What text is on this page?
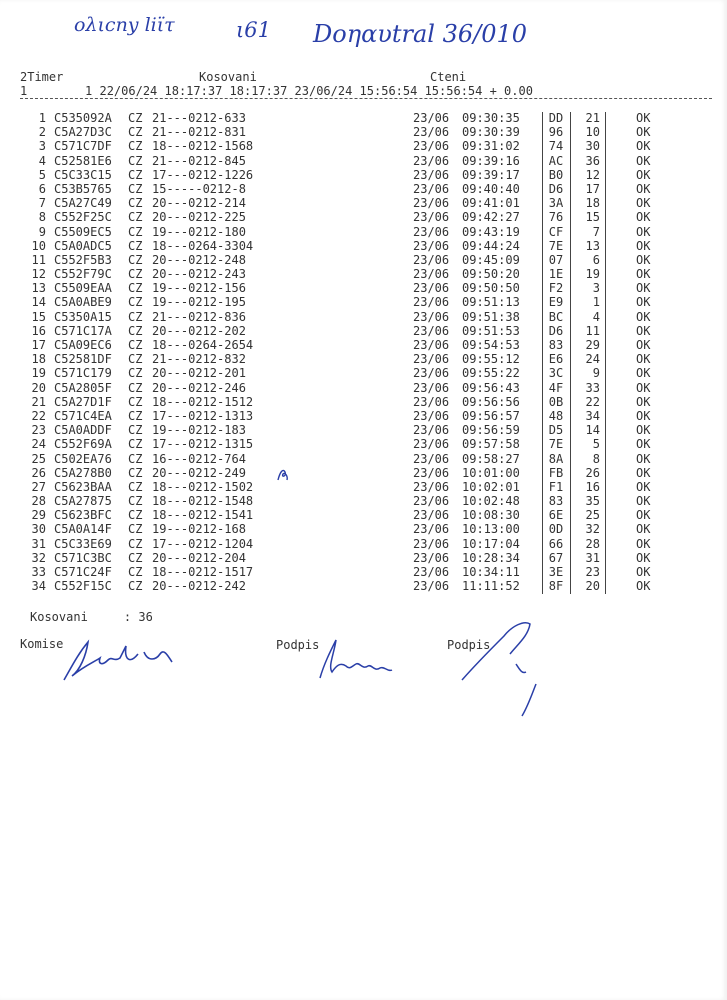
ολιcny liϊτ	ι61 Doηαυtral 36/010
2Timer	Kosovani	Cteni
1        1 22/06/24 18:17:37 18:17:37 23/06/24 15:56:54 15:56:54 + 0.00
1 C535092A CZ 21---0212-633	23/06 09:30:35 DD	21	OK
2 C5A27D3C CZ 21---0212-831	23/06 09:30:39 96	10	OK
3 C571C7DF CZ 18---0212-1568	23/06 09:31:02 74	30	OK
4 C52581E6 CZ 21---0212-845	23/06 09:39:16 AC	36	OK
5 C5C33C15 CZ 17---0212-1226	23/06 09:39:17 B0	12	OK
6 C53B5765 CZ 15-----0212-8	23/06 09:40:40 D6	17	OK
7 C5A27C49 CZ 20---0212-214	23/06 09:41:01 3A	18	OK
8 C552F25C CZ 20---0212-225	23/06 09:42:27 76	15	OK
9 C5509EC5 CZ 19---0212-180	23/06 09:43:19 CF	7	OK
10 C5A0ADC5 CZ 18---0264-3304	23/06 09:44:24 7E	13	OK
11 C552F5B3 CZ 20---0212-248	23/06 09:45:09 07	6	OK
12 C552F79C CZ 20---0212-243	23/06 09:50:20 1E	19	OK
13 C5509EAA CZ 19---0212-156	23/06 09:50:50 F2	3	OK
14 C5A0ABE9 CZ 19---0212-195	23/06 09:51:13 E9	1	OK
15 C5350A15 CZ 21---0212-836	23/06 09:51:38 BC	4	OK
16 C571C17A CZ 20---0212-202	23/06 09:51:53 D6	11	OK
17 C5A09EC6 CZ 18---0264-2654	23/06 09:54:53 83	29	OK
18 C52581DF CZ 21---0212-832	23/06 09:55:12 E6	24	OK
19 C571C179 CZ 20---0212-201	23/06 09:55:22 3C	9	OK
20 C5A2805F CZ 20---0212-246	23/06 09:56:43 4F	33	OK
21 C5A27D1F CZ 18---0212-1512	23/06 09:56:56 0B	22	OK
22 C571C4EA CZ 17---0212-1313	23/06 09:56:57 48	34	OK
23 C5A0ADDF CZ 19---0212-183	23/06 09:56:59 D5	14	OK
24 C552F69A CZ 17---0212-1315	23/06 09:57:58 7E	5	OK
25 C502EA76 CZ 16---0212-764	23/06 09:58:27 8A	8	OK
26 C5A278B0 CZ 20---0212-249	23/06 10:01:00 FB	26	OK
27 C5623BAA CZ 18---0212-1502	23/06 10:02:01 F1	16	OK
28 C5A27875 CZ 18---0212-1548	23/06 10:02:48 83	35	OK
29 C5623BFC CZ 18---0212-1541	23/06 10:08:30 6E	25	OK
30 C5A0A14F CZ 19---0212-168	23/06 10:13:00 0D	32	OK
31 C5C33E69 CZ 17---0212-1204	23/06 10:17:04 66	28	OK
32 C571C3BC CZ 20---0212-204	23/06 10:28:34 67	31	OK
33 C571C24F CZ 18---0212-1517	23/06 10:34:11 3E	23	OK
34 C552F15C CZ 20---0212-242	23/06 11:11:52 8F	20	OK
Kosovani     : 36
Komise	Podpis	Podpis
